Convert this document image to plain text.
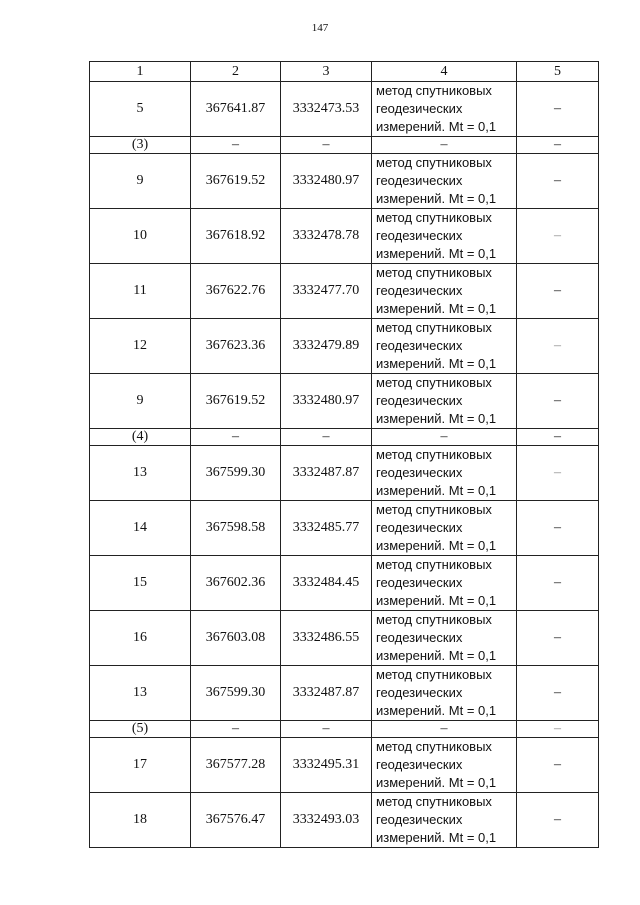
147
1	2	3	4	5
5	367641.87	3332473.53	метод спутниковых
геодезических
измерений. Mt = 0,1	–
(3)	–	–	–	–
9	367619.52	3332480.97	метод спутниковых
геодезических
измерений. Mt = 0,1	–
10	367618.92	3332478.78	метод спутниковых
геодезических
измерений. Mt = 0,1	–
11	367622.76	3332477.70	метод спутниковых
геодезических
измерений. Mt = 0,1	–
12	367623.36	3332479.89	метод спутниковых
геодезических
измерений. Mt = 0,1	–
9	367619.52	3332480.97	метод спутниковых
геодезических
измерений. Mt = 0,1	–
(4)	–	–	–	–
13	367599.30	3332487.87	метод спутниковых
геодезических
измерений. Mt = 0,1	–
14	367598.58	3332485.77	метод спутниковых
геодезических
измерений. Mt = 0,1	–
15	367602.36	3332484.45	метод спутниковых
геодезических
измерений. Mt = 0,1	–
16	367603.08	3332486.55	метод спутниковых
геодезических
измерений. Mt = 0,1	–
13	367599.30	3332487.87	метод спутниковых
геодезических
измерений. Mt = 0,1	–
(5)	–	–	–	–
17	367577.28	3332495.31	метод спутниковых
геодезических
измерений. Mt = 0,1	–
18	367576.47	3332493.03	метод спутниковых
геодезических
измерений. Mt = 0,1	–
